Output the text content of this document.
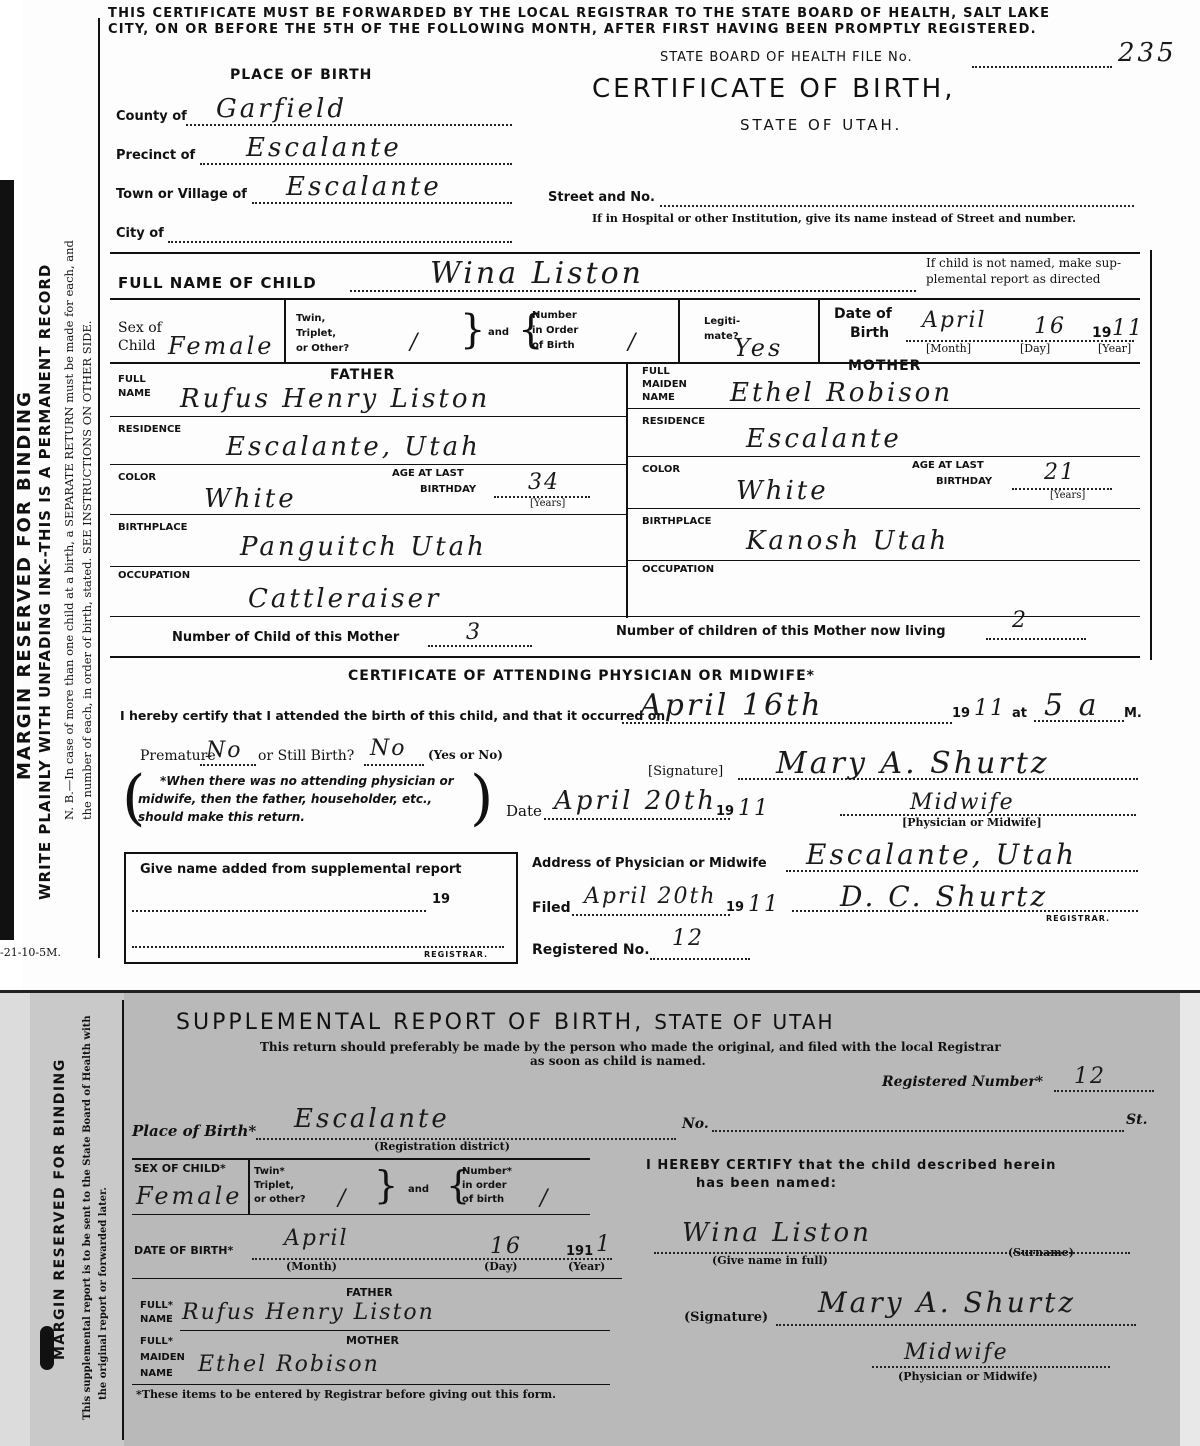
MARGIN RESERVED FOR BINDING WRITE PLAINLY WITH UNFADING INK--THIS IS A PERMANENT RECORD N. B.—In case of more than one child at a birth, a SEPARATE RETURN must be made for each, and the number of each, in order of birth, stated. SEE INSTRUCTIONS ON OTHER SIDE.
-21-10-5M.
THIS CERTIFICATE MUST BE FORWARDED BY THE LOCAL REGISTRAR TO THE STATE BOARD OF HEALTH, SALT LAKE
CITY, ON OR BEFORE THE 5TH OF THE FOLLOWING MONTH, AFTER FIRST HAVING BEEN PROMPTLY REGISTERED.
STATE BOARD OF HEALTH FILE No.	235
CERTIFICATE OF BIRTH,
STATE OF UTAH.
PLACE OF BIRTH
County of Garfield
Precinct of Escalante
Town or Village of Escalante
City of
Street and No.
If in Hospital or other Institution, give its name instead of Street and number.
FULL NAME OF CHILD	Wina Liston	If child is not named, make sup-
plemental report as directed
Sex of
Child Female
Twin,
Triplet,
or Other?	/ } and {
Number
in Order
of Birth /
Legiti-
mate?
Yes
Date of
Birth April 16 19 11
[Month]	[Day]	[Year]
FATHER
FULL
NAME Rufus Henry Liston
RESIDENCE
Escalante, Utah
COLOR
White
AGE AT LAST
BIRTHDAY 34
[Years]
BIRTHPLACE
Panguitch Utah
OCCUPATION
Cattleraiser
MOTHER
FULL
MAIDEN
NAME Ethel Robison
RESIDENCE
Escalante
COLOR
White
AGE AT LAST
BIRTHDAY 21
[Years]
BIRTHPLACE
Kanosh Utah
OCCUPATION
Number of Child of this Mother	3	Number of children of this Mother now living	2
CERTIFICATE OF ATTENDING PHYSICIAN OR MIDWIFE*
I hereby certify that I attended the birth of this child, and that it occurred on
April 16th	19 11 at 5 a M.
Premature
No or Still Birth? No (Yes or No)
( *When there was no attending physician or
midwife, then the father, householder, etc.,
should make this return.	)	[Signature] Mary A. Shurtz
Date April 20th
19 11	Midwife
[Physician or Midwife]
Give name added from supplemental report
19
REGISTRAR.
Address of Physician or Midwife Escalante, Utah
Filed April 20th 19 11 D. C. Shurtz
REGISTRAR.
Registered No. 12
MARGIN RESERVED FOR BINDING This supplemental report is to be sent to the State Board of Health with the original report or forwarded later.
SUPPLEMENTAL REPORT OF BIRTH, STATE OF UTAH
This return should preferably be made by the person who made the original, and filed with the local Registrar
as soon as child is named.
Registered Number* 12
Place of Birth* Escalante
(Registration district)
No.	St.
SEX OF CHILD*
Female	/
Twin*
Triplet,
or other? } and {
Number*
in order
of birth /
DATE OF BIRTH* April	16	191 1
(Month)	(Day)	(Year)
FATHER
FULL*
NAME Rufus Henry Liston
MOTHER
FULL*
MAIDEN
NAME Ethel Robison
*These items to be entered by Registrar before giving out this form.
I HEREBY CERTIFY that the child described herein
has been named:
Wina Liston
(Give name in full)
(Surname)
(Signature) Mary A. Shurtz
Midwife
(Physician or Midwife)
